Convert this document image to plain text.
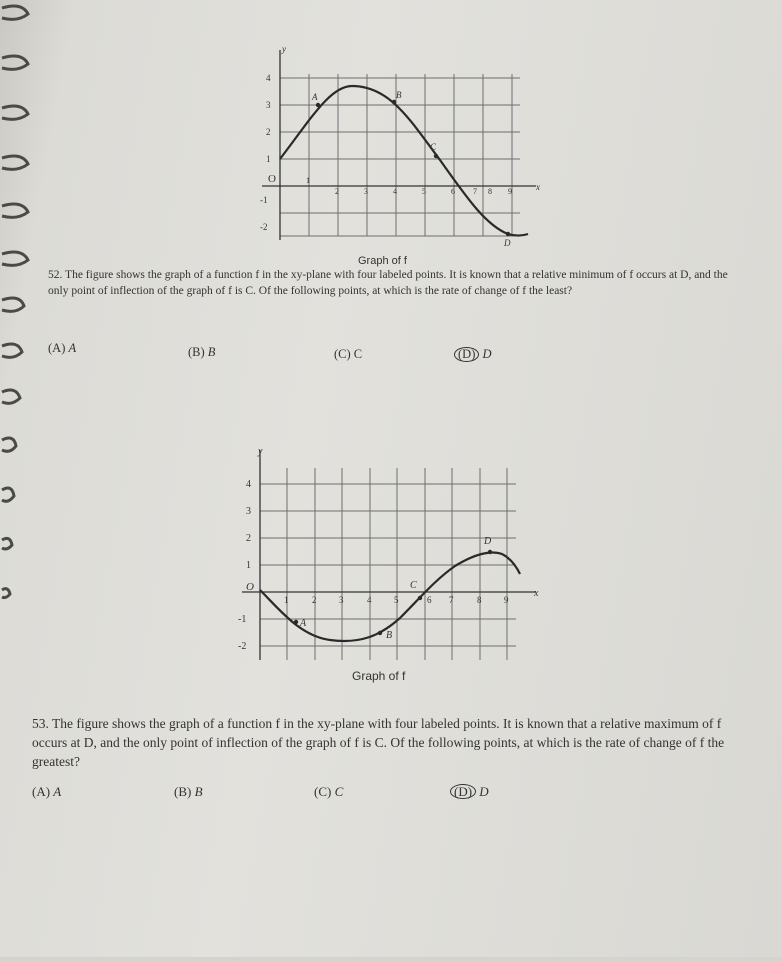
y
x
O
4
3
2
1
-1
-2
1
2	3	4	5	6 7 8 9
A	B
C
D
Graph of f
52. The figure shows the graph of a function f in the xy-plane with four labeled points. It is known that a relative minimum of f occurs at D, and the only point of inflection of the graph of f is C. Of the following points, at which is the rate of change of f the least?
(A) A	(B) B	(C) C	(D) D
y
x
O
4
3
2
1
-1
-2
1	2	3	4	5	6 7	8	9
A
B
C
D
Graph of f
53. The figure shows the graph of a function f in the xy-plane with four labeled points. It is known that a relative maximum of f occurs at D, and the only point of inflection of the graph of f is C. Of the following points, at which is the rate of change of f the greatest?
(A) A	(B) B	(C) C	(D) D
